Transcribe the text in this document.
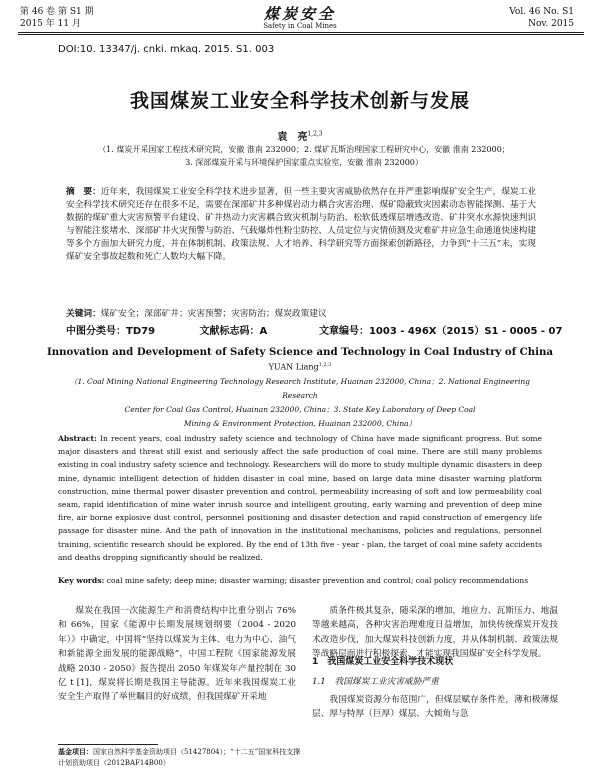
第 46 卷 第 S1 期
2015 年 11 月
煤炭安全
Safety in Coal Mines
Vol. 46 No. S1
Nov. 2015
DOI:10. 13347/j. cnki. mkaq. 2015. S1. 003
我国煤炭工业安全科学技术创新与发展
袁　亮$^{1,2,3}$
（1. 煤炭开采国家工程技术研究院，安徽 淮南 232000；2. 煤矿瓦斯治理国家工程研究中心，安徽 淮南 232000；
3. 深部煤炭开采与环境保护国家重点实验室，安徽 淮南 232000）
摘　要：近年来，我国煤炭工业安全科学技术进步显著，但一些主要灾害威胁依然存在并严重影响煤矿安全生产，煤炭工业安全科学技术研究还存在很多不足，需要在深部矿井多种煤岩动力耦合灾害治理、煤矿隐蔽致灾因素动态智能探测、基于大数据的煤矿重大灾害预警平台建设、矿井热动力灾害耦合致灾机制与防治、松软低透煤层增透改造、矿井突水水源快速判识与智能注浆堵水、深部矿井火灾预警与防治、气载爆炸性粉尘防控、人员定位与灾情侦测及灾难矿井应急生命通道快速构建等多个方面加大研究力度，并在体制机制、政策法规、人才培养、科学研究等方面探索创新路径，力争到“十三五”末，实现煤矿安全事故起数和死亡人数均大幅下降。
关键词：煤矿安全；深部矿井；灾害预警；灾害防治；煤炭政策建议
中图分类号：TD79	文献标志码：A	文章编号：1003 - 496X（2015）S1 - 0005 - 07
Innovation and Development of Safety Science and Technology in Coal Industry of China
YUAN Liang$^{1,2,3}$
（1. Coal Mining National Engineering Technology Research Institute, Huainan 232000, China；2. National Engineering Research
Center for Coal Gas Control, Huainan 232000, China；3. State Key Laboratory of Deep Coal
Mining & Environment Protection, Huainan 232000, China）
Abstract: In recent years, coal industry safety science and technology of China have made significant progress. But some major disasters and threat still exist and seriously affect the safe production of coal mine. There are still many problems existing in coal industry safety science and technology. Researchers will do more to study multiple dynamic disasters in deep mine, dynamic intelligent detection of hidden disaster in coal mine, based on large data mine disaster warning platform construction, mine thermal power disaster prevention and control, permeability increasing of soft and low permeability coal seam, rapid identification of mine water inrush source and intelligent grouting, early warning and prevention of deep mine fire, air borne explosive dust control, personnel positioning and disaster detection and rapid construction of emergency life passage for disaster mine. And the path of innovation in the institutional mechanisms, policies and regulations, personnel training, scientific research should be explored. By the end of 13th five - year - plan, the target of coal mine safety accidents and deaths dropping significantly should be realized.
Key words: coal mine safety; deep mine; disaster warning; disaster prevention and control; coal policy recommendations
煤炭在我国一次能源生产和消费结构中比重分别占 76% 和 66%，国家《能源中长期发展规划纲要（2004 - 2020 年）》中确定，中国将“坚持以煤炭为主体、电力为中心、油气和新能源全面发展的能源战略”，中国工程院《国家能源发展战略 2030 - 2050》报告提出 2050 年煤炭年产量控制在 30 亿 t [1]，煤炭将长期是我国主导能源。近年来我国煤炭工业安全生产取得了举世瞩目的好成绩，但我国煤矿开采地
质条件极其复杂，随采深的增加，地应力、瓦斯压力、地温等越来越高，各种灾害治理难度日益增加，加快传统煤炭开发技术改造步伐，加大煤炭科技创新力度，并从体制机制、政策法规等战略层面进行积极探索，才能实现我国煤矿安全科学发展。
1　我国煤炭工业安全科学技术现状
1.1　我国煤炭工业灾害威胁严重
我国煤炭资源分布范围广，但煤层赋存条件差，薄和极薄煤层、厚与特厚（巨厚）煤层、大倾角与急
基金项目：国家自然科学基金资助项目（51427804）；“十二五”国家科技支撑计划资助项目（2012BAF14B00）
